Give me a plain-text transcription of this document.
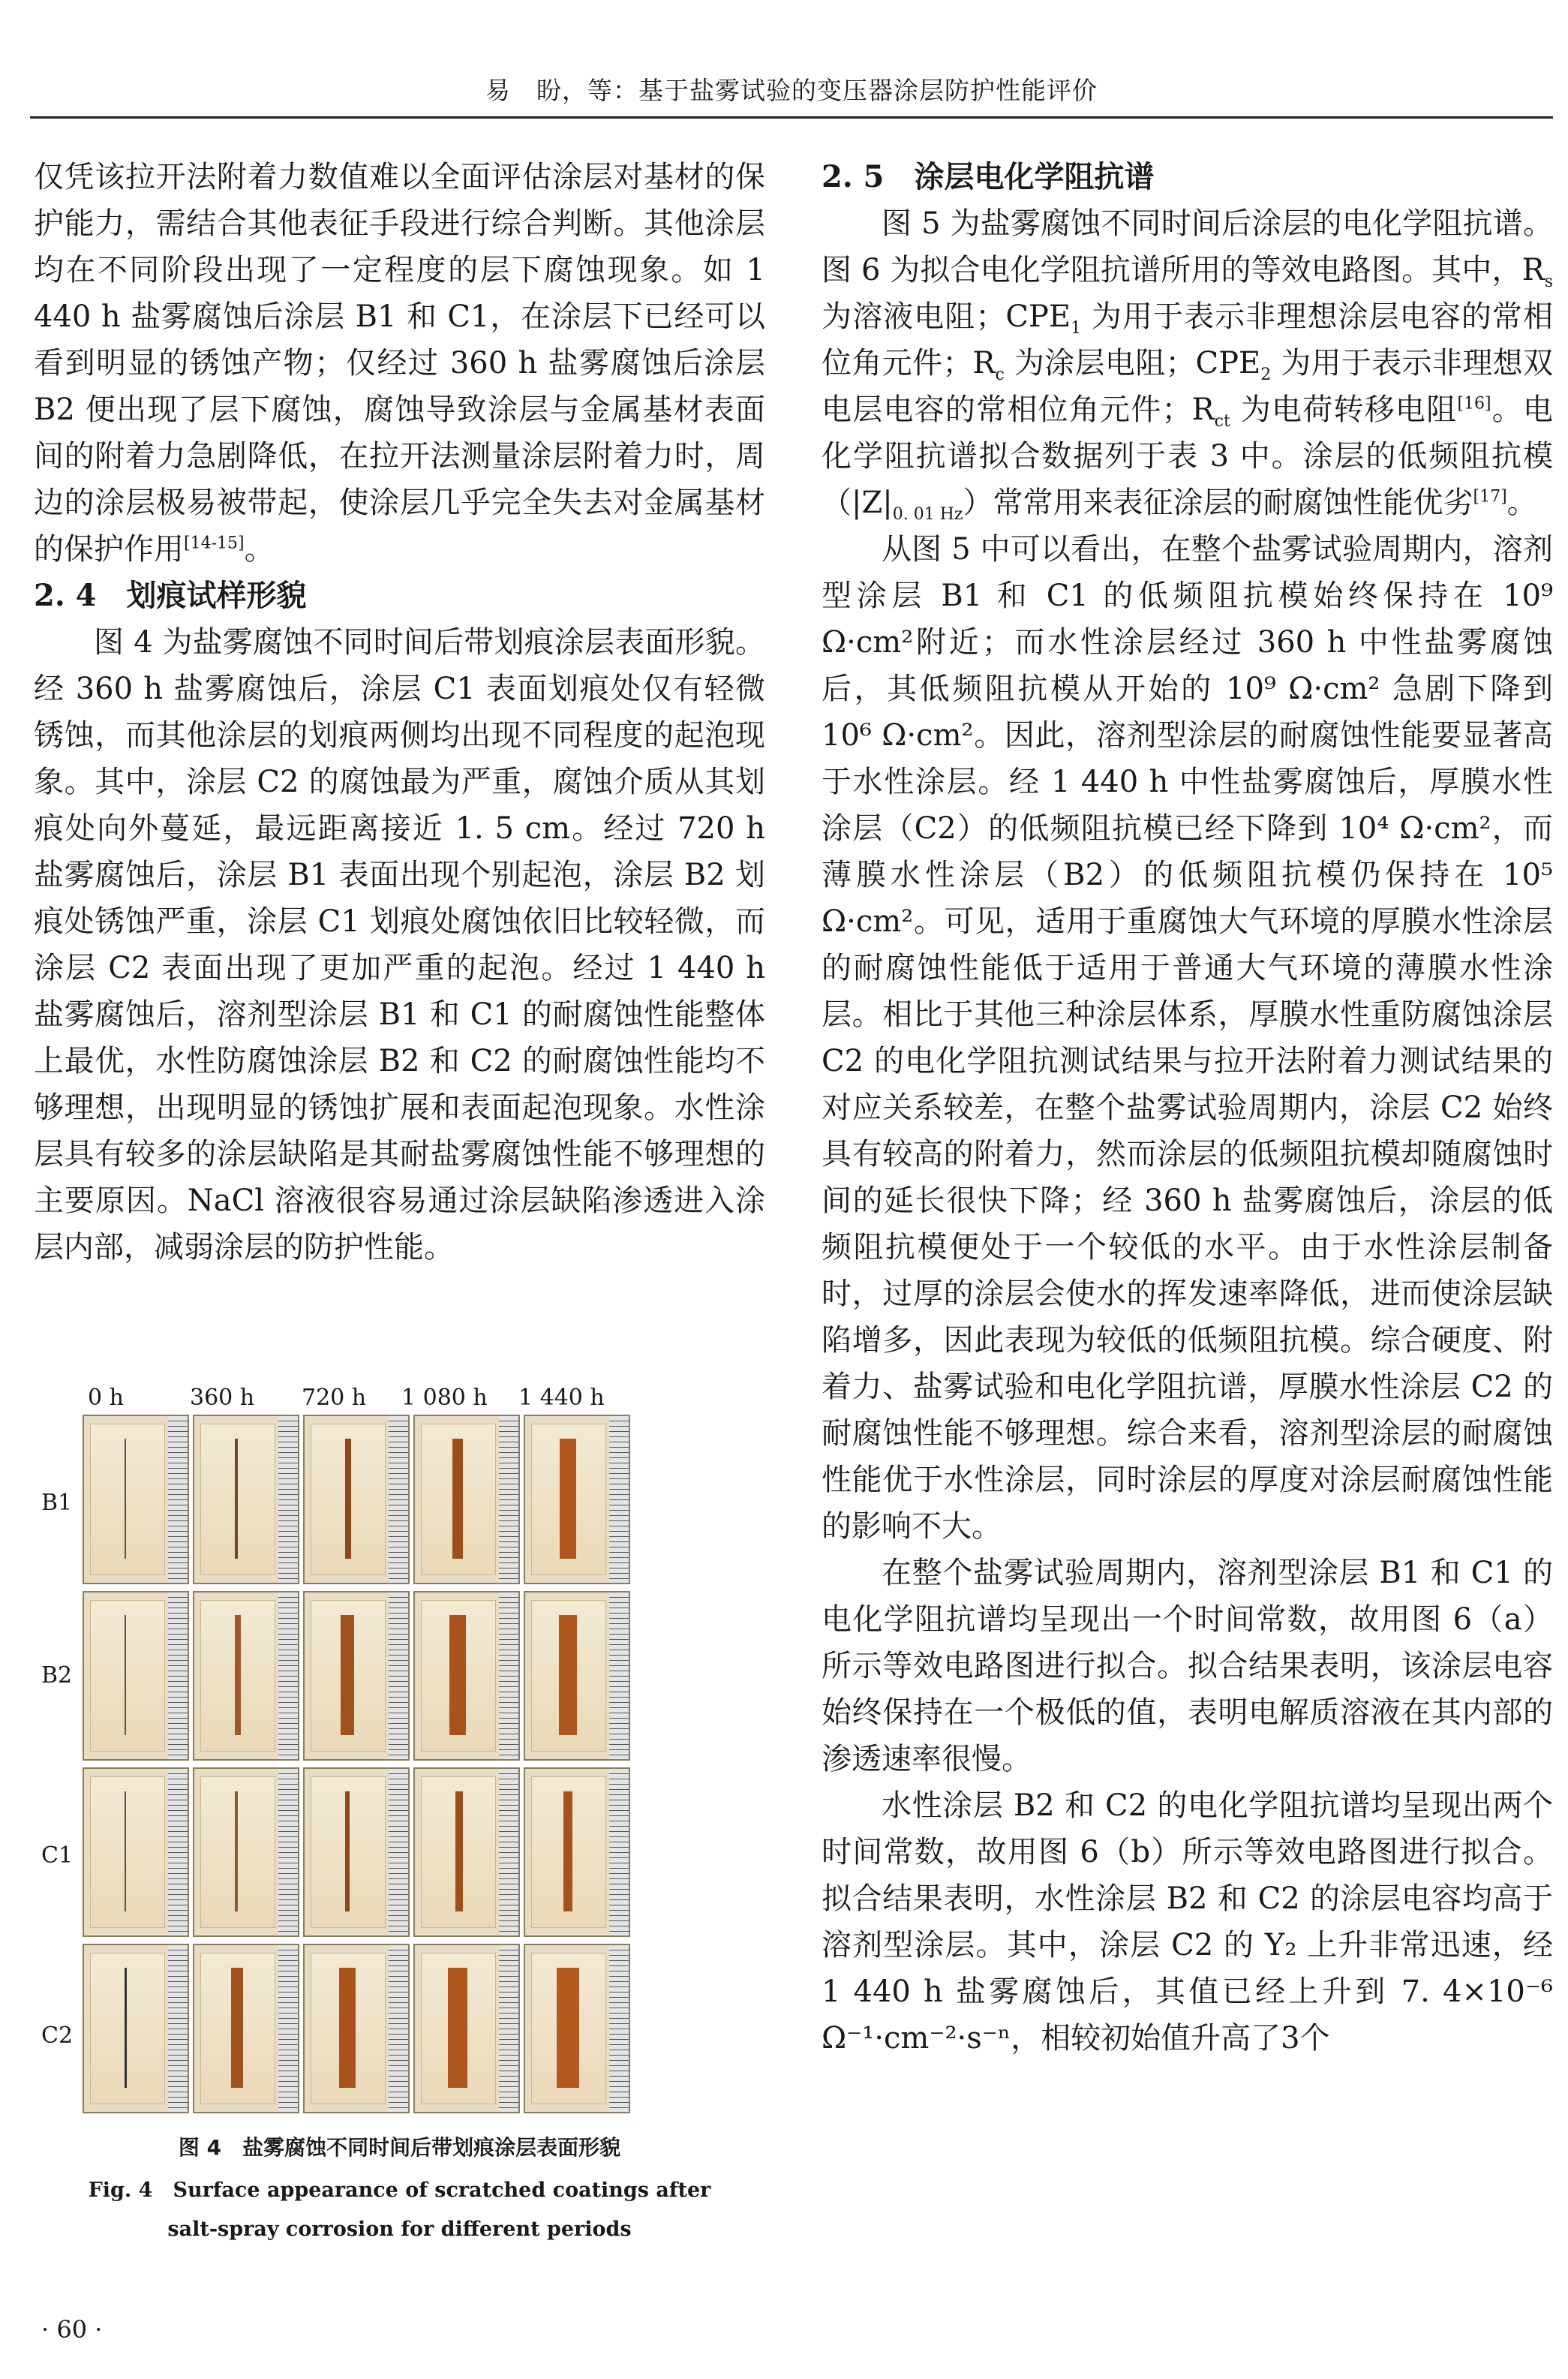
易　盼，等：基于盐雾试验的变压器涂层防护性能评价

仅凭该拉开法附着力数值难以全面评估涂层对基材的保护能力，需结合其他表征手段进行综合判断。其他涂层均在不同阶段出现了一定程度的层下腐蚀现象。如 1 440 h 盐雾腐蚀后涂层 B1 和 C1，在涂层下已经可以看到明显的锈蚀产物；仅经过 360 h 盐雾腐蚀后涂层 B2 便出现了层下腐蚀，腐蚀导致涂层与金属基材表面间的附着力急剧降低，在拉开法测量涂层附着力时，周边的涂层极易被带起，使涂层几乎完全失去对金属基材的保护作用[14-15]。

2. 4 划痕试样形貌

图 4 为盐雾腐蚀不同时间后带划痕涂层表面形貌。经 360 h 盐雾腐蚀后，涂层 C1 表面划痕处仅有轻微锈蚀，而其他涂层的划痕两侧均出现不同程度的起泡现象。其中，涂层 C2 的腐蚀最为严重，腐蚀介质从其划痕处向外蔓延，最远距离接近 1. 5 cm。经过 720 h 盐雾腐蚀后，涂层 B1 表面出现个别起泡，涂层 B2 划痕处锈蚀严重，涂层 C1 划痕处腐蚀依旧比较轻微，而涂层 C2 表面出现了更加严重的起泡。经过 1 440 h 盐雾腐蚀后，溶剂型涂层 B1 和 C1 的耐腐蚀性能整体上最优，水性防腐蚀涂层 B2 和 C2 的耐腐蚀性能均不够理想，出现明显的锈蚀扩展和表面起泡现象。水性涂层具有较多的涂层缺陷是其耐盐雾腐蚀性能不够理想的主要原因。NaCl 溶液很容易通过涂层缺陷渗透进入涂层内部，减弱涂层的防护性能。

0 h	360 h 720 h 1 080 h 1 440 h
B1
B2
C1
C2
图 4　盐雾腐蚀不同时间后带划痕涂层表面形貌
Fig. 4　Surface appearance of scratched coatings after
salt-spray corrosion for different periods
2. 5 涂层电化学阻抗谱

图 5 为盐雾腐蚀不同时间后涂层的电化学阻抗谱。图 6 为拟合电化学阻抗谱所用的等效电路图。其中，$R_s$ 为溶液电阻；$CPE_1$ 为用于表示非理想涂层电容的常相位角元件；$R_c$ 为涂层电阻；$CPE_2$ 为用于表示非理想双电层电容的常相位角元件；$R_{ct}$ 为电荷转移电阻[16]。电化学阻抗谱拟合数据列于表 3 中。涂层的低频阻抗模$(|Z|_{0. 01 Hz})$常常用来表征涂层的耐腐蚀性能优劣[17]。

从图 5 中可以看出，在整个盐雾试验周期内，溶剂型涂层 B1 和 C1 的低频阻抗模始终保持在 10⁹ Ω·cm²附近；而水性涂层经过 360 h 中性盐雾腐蚀后，其低频阻抗模从开始的 10⁹ Ω·cm² 急剧下降到 10⁶ Ω·cm²。因此，溶剂型涂层的耐腐蚀性能要显著高于水性涂层。经 1 440 h 中性盐雾腐蚀后，厚膜水性涂层（C2）的低频阻抗模已经下降到 10⁴ Ω·cm²，而薄膜水性涂层（B2）的低频阻抗模仍保持在 10⁵ Ω·cm²。可见，适用于重腐蚀大气环境的厚膜水性涂层的耐腐蚀性能低于适用于普通大气环境的薄膜水性涂层。相比于其他三种涂层体系，厚膜水性重防腐蚀涂层 C2 的电化学阻抗测试结果与拉开法附着力测试结果的对应关系较差，在整个盐雾试验周期内，涂层 C2 始终具有较高的附着力，然而涂层的低频阻抗模却随腐蚀时间的延长很快下降；经 360 h 盐雾腐蚀后，涂层的低频阻抗模便处于一个较低的水平。由于水性涂层制备时，过厚的涂层会使水的挥发速率降低，进而使涂层缺陷增多，因此表现为较低的低频阻抗模。综合硬度、附着力、盐雾试验和电化学阻抗谱，厚膜水性涂层 C2 的耐腐蚀性能不够理想。综合来看，溶剂型涂层的耐腐蚀性能优于水性涂层，同时涂层的厚度对涂层耐腐蚀性能的影响不大。

在整个盐雾试验周期内，溶剂型涂层 B1 和 C1 的电化学阻抗谱均呈现出一个时间常数，故用图 6（a）所示等效电路图进行拟合。拟合结果表明，该涂层电容始终保持在一个极低的值，表明电解质溶液在其内部的渗透速率很慢。

水性涂层 B2 和 C2 的电化学阻抗谱均呈现出两个时间常数，故用图 6（b）所示等效电路图进行拟合。拟合结果表明，水性涂层 B2 和 C2 的涂层电容均高于溶剂型涂层。其中，涂层 C2 的 Y₂ 上升非常迅速，经 1 440 h 盐雾腐蚀后，其值已经上升到 7. 4×10⁻⁶ Ω⁻¹·cm⁻²·s⁻ⁿ，相较初始值升高了3个

· 60 ·
